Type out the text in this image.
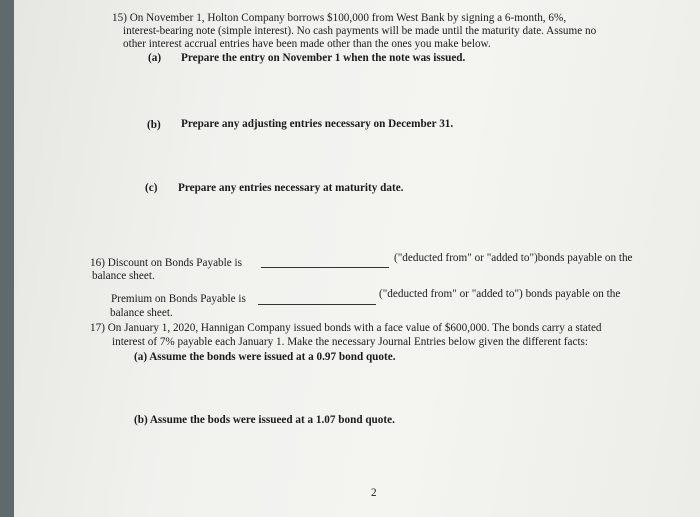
15) On November 1, Holton Company borrows $100,000 from West Bank by signing a 6-month, 6%,
interest-bearing note (simple interest). No cash payments will be made until the maturity date. Assume no
other interest accrual entries have been made other than the ones you make below.
(a) Prepare the entry on November 1 when the note was issued.
(b) Prepare any adjusting entries necessary on December 31.
(c) Prepare any entries necessary at maturity date.
16) Discount on Bonds Payable is	("deducted from" or "added to")bonds payable on the
balance sheet.
Premium on Bonds Payable is	("deducted from" or "added to") bonds payable on the
balance sheet.
17) On January 1, 2020, Hannigan Company issued bonds with a face value of $600,000. The bonds carry a stated
interest of 7% payable each January 1. Make the necessary Journal Entries below given the different facts:
(a) Assume the bonds were issued at a 0.97 bond quote.
(b) Assume the bods were issueed at a 1.07 bond quote.
2
